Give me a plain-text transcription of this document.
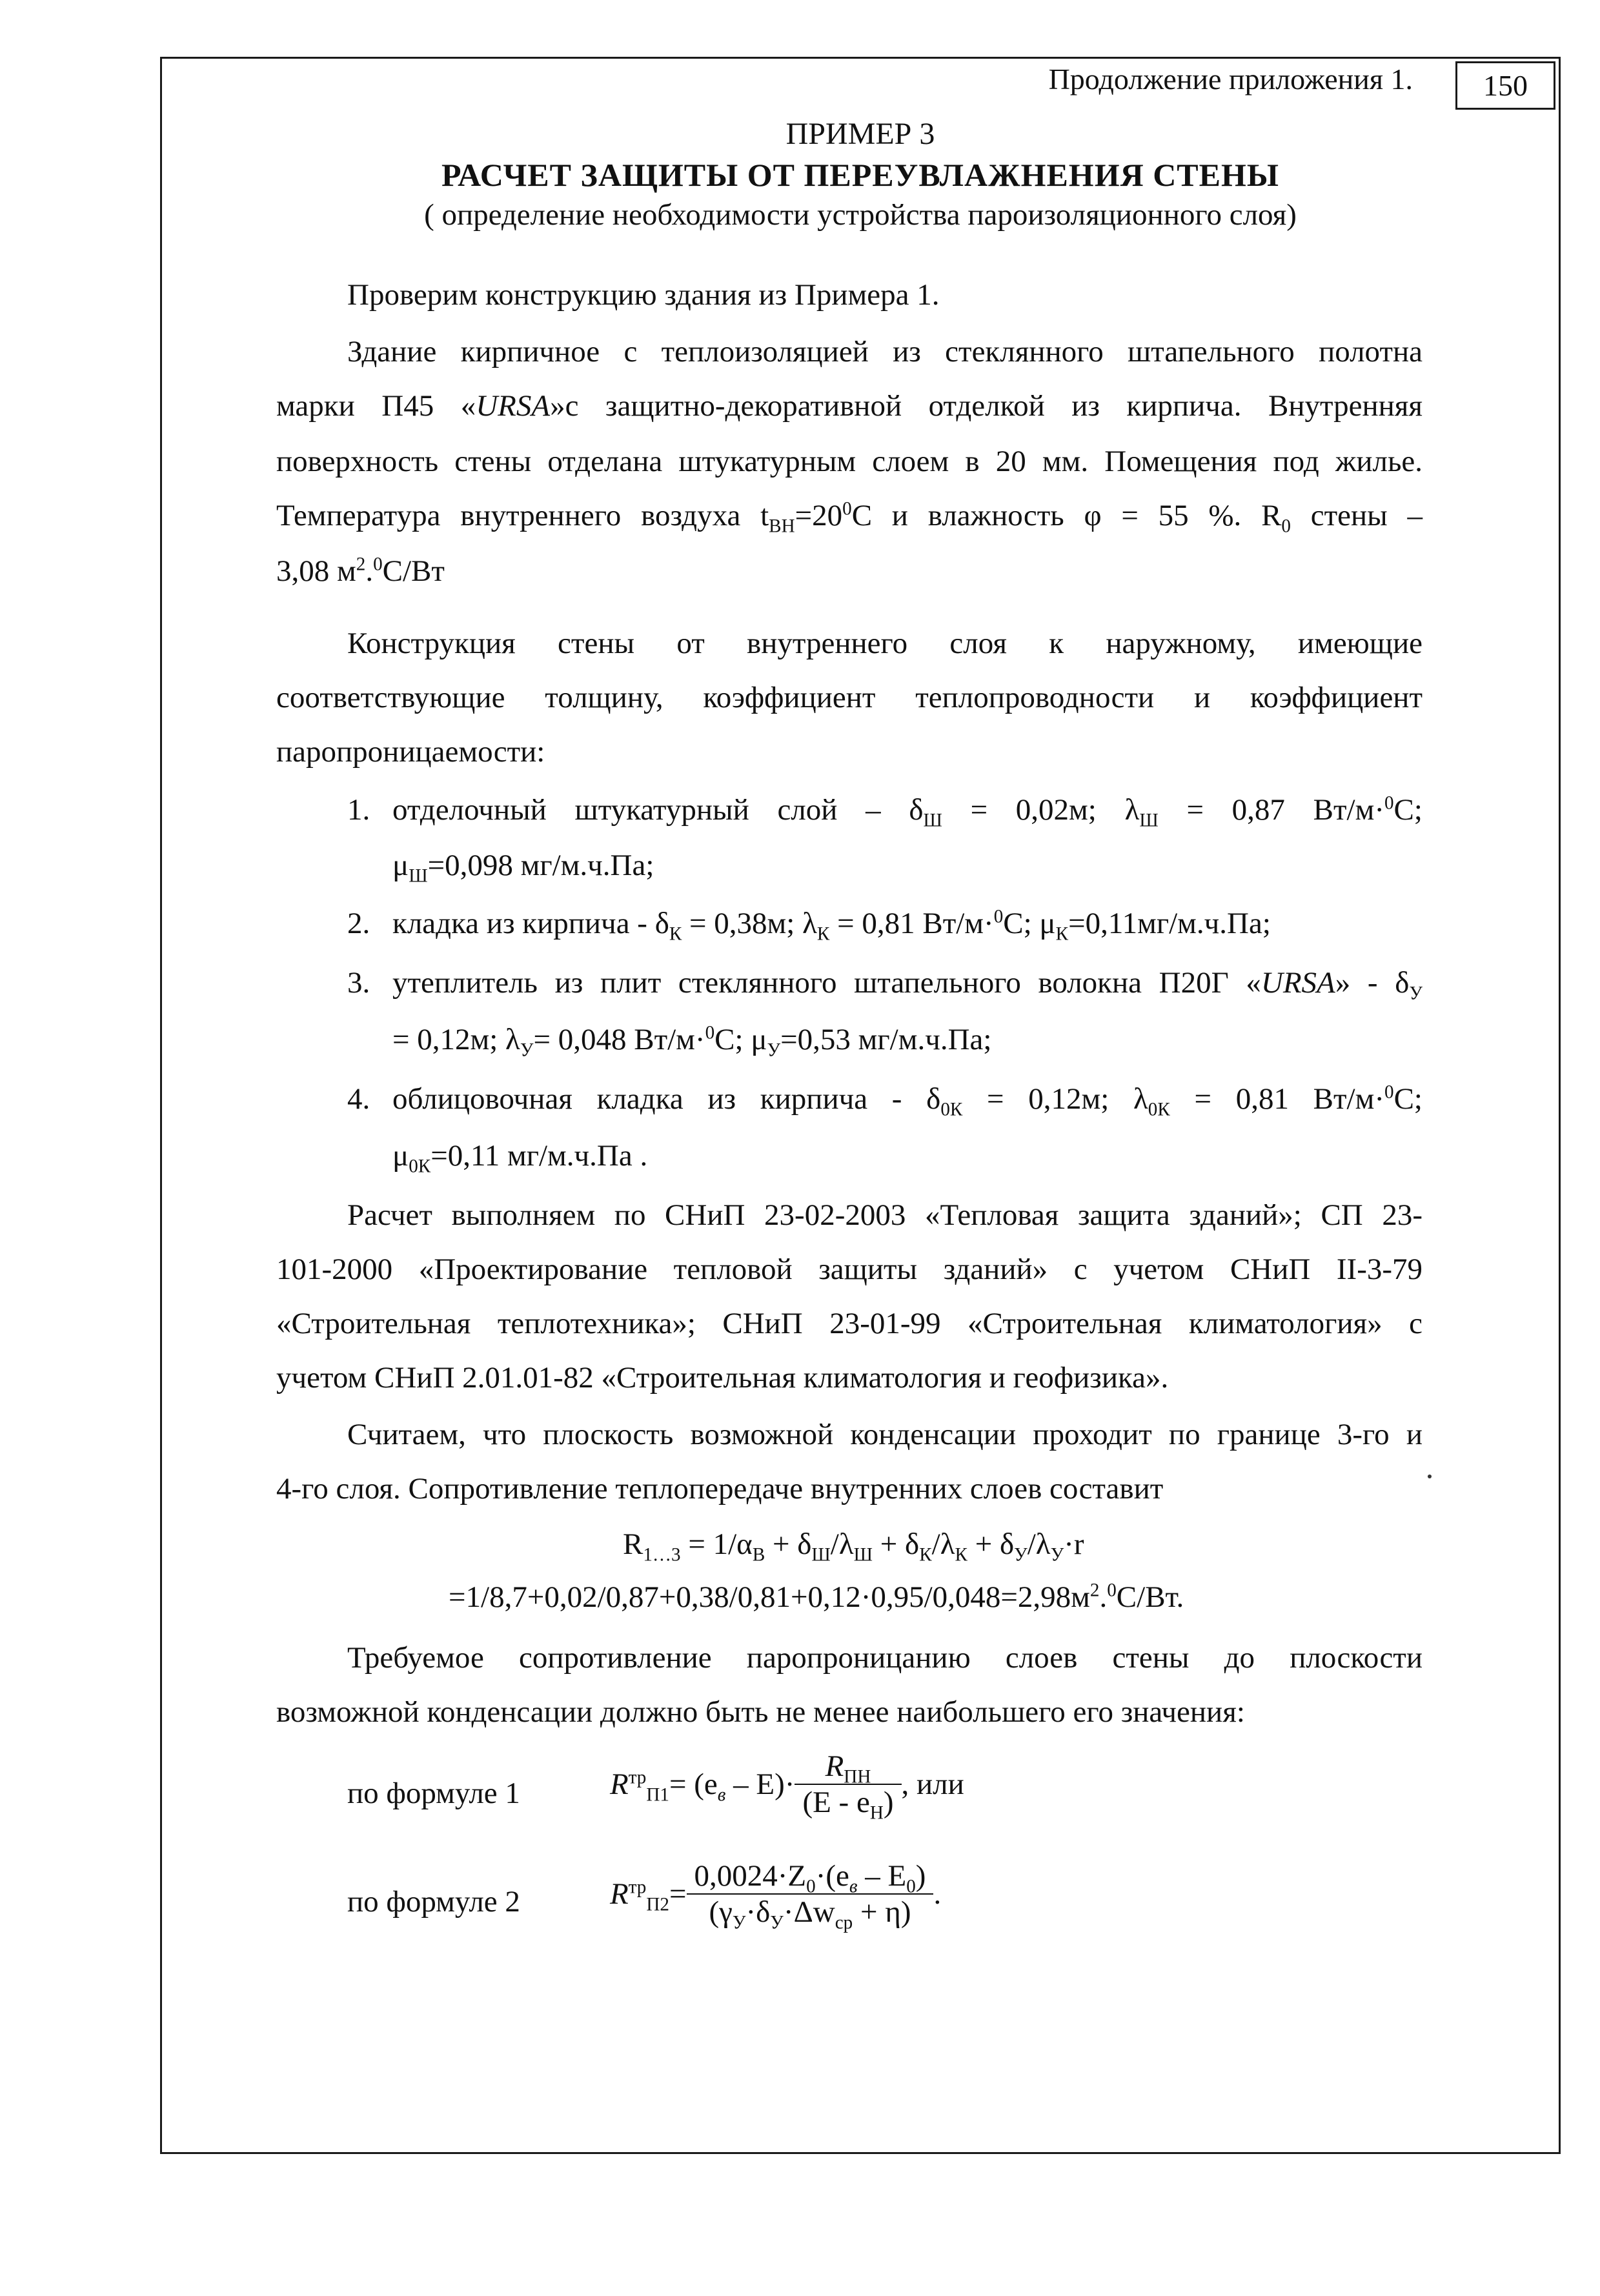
Продолжение приложения 1.	150
ПРИМЕР 3
РАСЧЕТ ЗАЩИТЫ ОТ ПЕРЕУВЛАЖНЕНИЯ СТЕНЫ
( определение необходимости устройства пароизоляционного слоя)
Проверим конструкцию здания из Примера 1.
Здание кирпичное с теплоизоляцией из стеклянного штапельного полотна
марки П45 «URSA»с защитно-декоративной отделкой из кирпича. Внутренняя
поверхность стены отделана штукатурным слоем в 20 мм. Помещения под жилье.
Температура внутреннего воздуха $t_{ВН}=20^0С$ и влажность φ = 55 %. $R_0$ стены –
3,08 $м^2.^0С/Вт$
Конструкция стены от внутреннего слоя к наружному, имеющие
соответствующие толщину, коэффициент теплопроводности и коэффициент
паропроницаемости:
1. отделочный штукатурный слой – $\delta_Ш = 0,02м$; $\lambda_Ш = 0,87$ Вт/м·$^0$С;
$\mu_Ш=0,098$ мг/м.ч.Па;
2. кладка из кирпича - $\delta_К = 0,38м$; $\lambda_К = 0,81$ Вт/м·$^0$С; $\mu_К=0,11мг/м.ч.Па$;
3. утеплитель из плит стеклянного штапельного волокна П20Г «URSA» - $\delta_У$
= 0,12м; $\lambda_У= 0,048$ Вт/м·$^0$С; $\mu_У=0,53$ мг/м.ч.Па;
4. облицовочная кладка из кирпича - $\delta_{0К} = 0,12м$; $\lambda_{0К} = 0,81$ Вт/м·$^0$С;
$\mu_{0К}=0,11$ мг/м.ч.Па .
Расчет выполняем по СНиП 23-02-2003 «Тепловая защита зданий»; СП 23-
101-2000 «Проектирование тепловой защиты зданий» с учетом СНиП II-3-79
«Строительная теплотехника»; СНиП 23-01-99 «Строительная климатология» с
учетом СНиП 2.01.01-82 «Строительная климатология и геофизика».
Считаем, что плоскость возможной конденсации проходит по границе 3-го и
4-го слоя. Сопротивление теплопередаче внутренних слоев составит
$R_{1\dots 3} = 1/\alpha_В + \delta_Ш/\lambda_Ш + \delta_К/\lambda_К + \delta_У/\lambda_У\cdot r$
$=1/8,7+0,02/0,87+0,38/0,81+0,12\cdot 0,95/0,048=2,98м^2.^0С/Вт$.
Требуемое сопротивление паропроницанию слоев стены до плоскости
возможной конденсации должно быть не менее наибольшего его значения:
по формуле 1	$R^{тр}_{П1} = (e_в - E)\cdot \frac{R_{ПН}}{(E - e_Н)}$ , или
по формуле 2	$R^{тр}_{П2} = \frac{0,0024\cdot Z_0\cdot(e_в - E_0)}{(\gamma_У\cdot\delta_У\cdot\Delta w_{ср} + \eta)}$ .
